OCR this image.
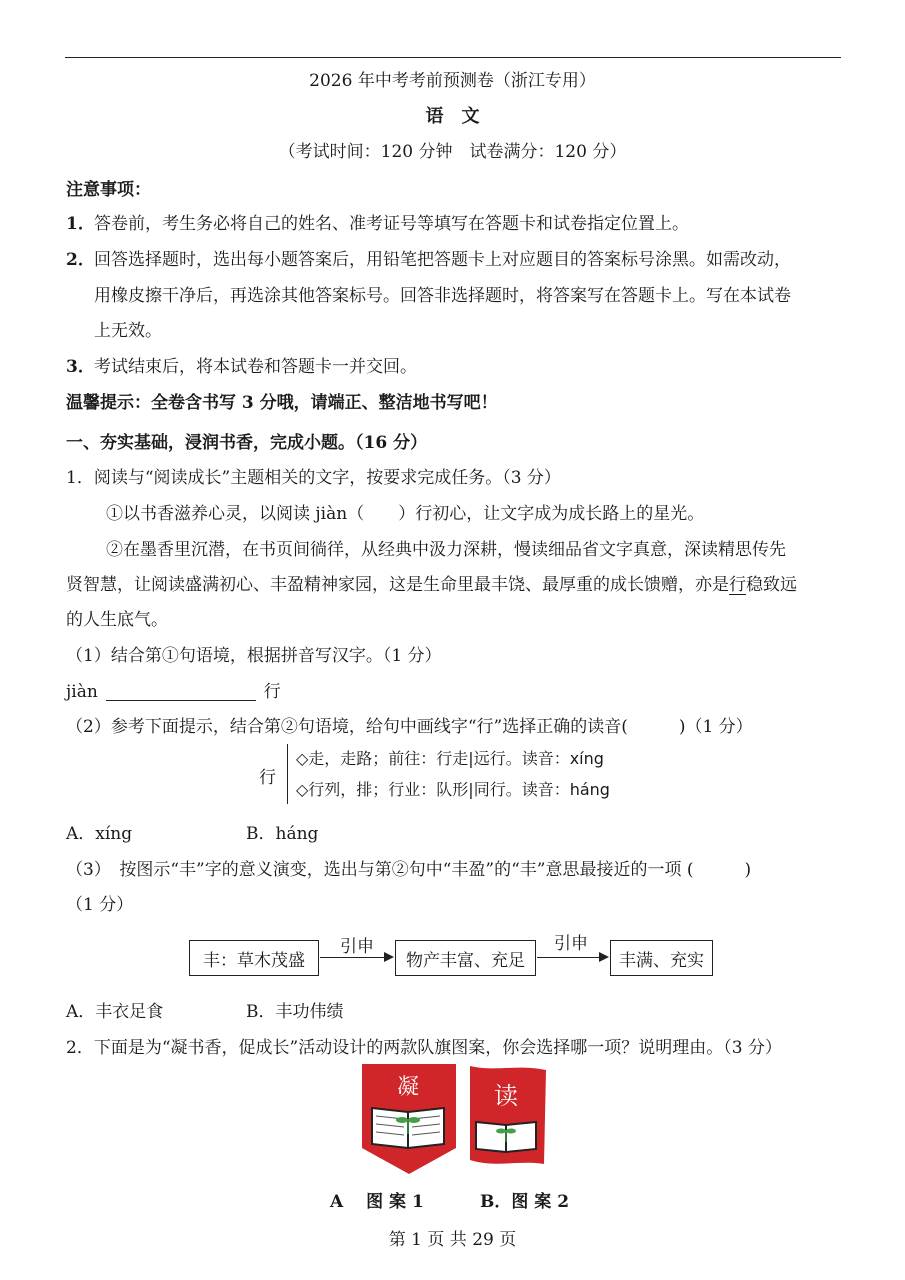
2026 年中考考前预测卷（浙江专用）
语　文
（考试时间：120 分钟　试卷满分：120 分）
注意事项：
1． 答卷前，考生务必将自己的姓名、准考证号等填写在答题卡和试卷指定位置上。
2． 回答选择题时，选出每小题答案后，用铅笔把答题卡上对应题目的答案标号涂黑。如需改动，
用橡皮擦干净后，再选涂其他答案标号。回答非选择题时，将答案写在答题卡上。写在本试卷
上无效。
3． 考试结束后，将本试卷和答题卡一并交回。
温馨提示：全卷含书写 3 分哦，请端正、整洁地书写吧！
一、夯实基础，浸润书香，完成小题。（16 分）
1．阅读与“阅读成长”主题相关的文字，按要求完成任务。（3 分）
①以书香滋养心灵，以阅读 jiàn（　　）行初心，让文字成为成长路上的星光。
②在墨香里沉潜，在书页间徜徉，从经典中汲力深耕，慢读细品省文字真意，深读精思传先
贤智慧，让阅读盛满初心、丰盈精神家园，这是生命里最丰饶、最厚重的成长馈赠，亦是行稳致远
的人生底气。
（1）结合第①句语境，根据拼音写汉字。（1 分）
jiàn	行
（2）参考下面提示，结合第②句语境，给句中画线字“行”选择正确的读音(　　　)（1 分）
行
◇走，走路；前往：行走|远行。读音：xíng
◇行列，排；行业：队形|同行。读音：háng
A．xíng	B．háng
（3）　按图示“丰”字的意义演变，选出与第②句中“丰盈”的“丰”意思最接近的一项 (　　　)
（1 分）
丰：草木茂盛
引申
物产丰富、充足
引申
丰满、充实
A．丰衣足食	B．丰功伟绩
2．下面是为“凝书香，促成长”活动设计的两款队旗图案，你会选择哪一项？说明理由。（3 分）
凝	读
A　 图 案 1	B．图 案 2
第 1 页 共 29 页
